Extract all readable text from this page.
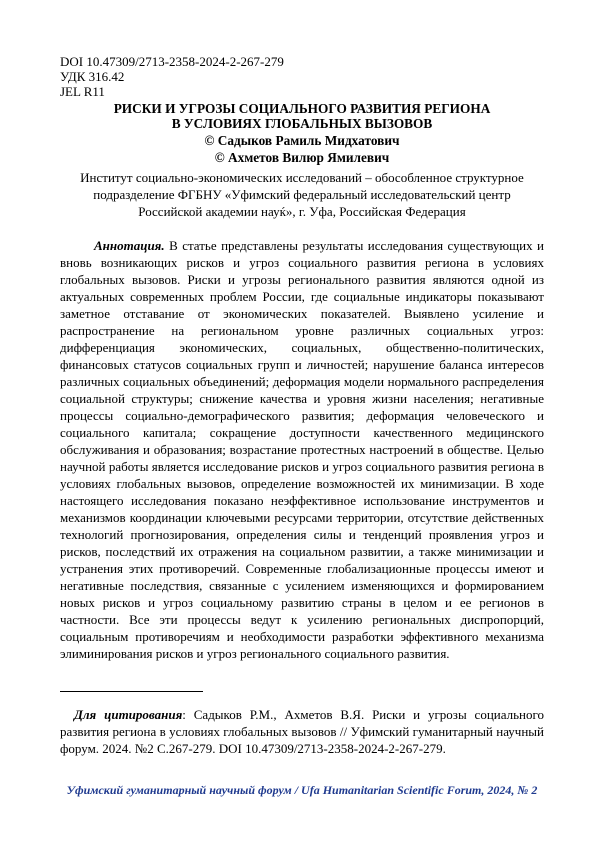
DOI 10.47309/2713-2358-2024-2-267-279
УДК 316.42
JEL R11
РИСКИ И УГРОЗЫ СОЦИАЛЬНОГО РАЗВИТИЯ РЕГИОНА
В УСЛОВИЯХ ГЛОБАЛЬНЫХ ВЫЗОВОВ
© Садыков Рамиль Мидхатович
© Ахметов Вилюр Ямилевич
Институт социально-экономических исследований – обособленное структурное
подразделение ФГБНУ «Уфимский федеральный исследовательский центр
Российской академии науќ», г. Уфа, Российская Федерация

Аннотация. В статье представлены результаты исследования существующих и вновь возникающих рисков и угроз социального развития региона в условиях глобальных вызовов. Риски и угрозы регионального развития являются одной из актуальных современных проблем России, где социальные индикаторы показывают заметное отставание от экономических показателей. Выявлено усиление и распространение на региональном уровне различных социальных угроз: дифференциация экономических, социальных, общественно-политических, финансовых статусов социальных групп и личностей; нарушение баланса интересов различных социальных объединений; деформация модели нормального распределения социальной структуры; снижение качества и уровня жизни населения; негативные процессы социально-демографического развития; деформация человеческого и социального капитала; сокращение доступности качественного медицинского обслуживания и образования; возрастание протестных настроений в обществе. Целью научной работы является исследование рисков и угроз социального развития региона в условиях глобальных вызовов, определение возможностей их минимизации. В ходе настоящего исследования показано неэффективное использование инструментов и механизмов координации ключевыми ресурсами территории, отсутствие действенных технологий прогнозирования, определения силы и тенденций проявления угроз и рисков, последствий их отражения на социальном развитии, а также минимизации и устранения этих противоречий. Современные глобализационные процессы имеют и негативные последствия, связанные с усилением изменяющихся и формированием новых рисков и угроз социальному развитию страны в целом и ее регионов в частности. Все эти процессы ведут к усилению региональных диспропорций, социальным противоречиям и необходимости разработки эффективного механизма элиминирования рисков и угроз регионального социального развития.

Для цитирования: Садыков Р.М., Ахметов В.Я. Риски и угрозы социального развития региона в условиях глобальных вызовов // Уфимский гуманитарный научный форум. 2024. №2 С.267-279. DOI 10.47309/2713-2358-2024-2-267-279.

Уфимский гуманитарный научный форум / Ufa Humanitarian Scientific Forum, 2024, № 2
